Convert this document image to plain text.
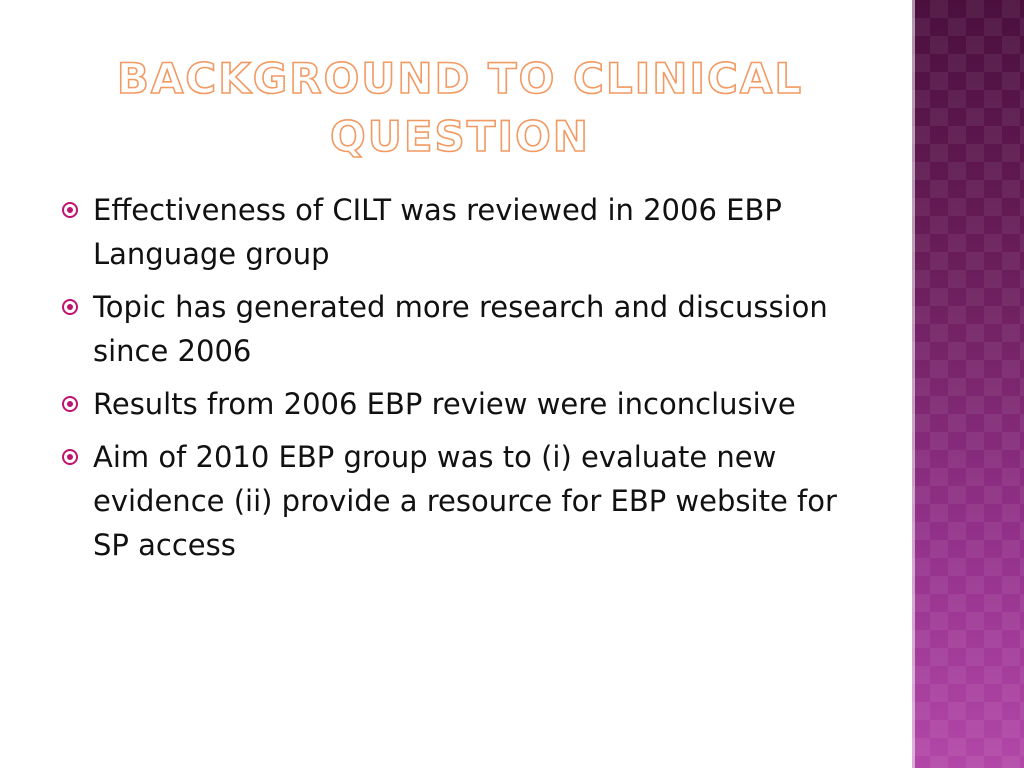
BACKGROUND TO CLINICAL QUESTION
Effectiveness of CILT was reviewed in 2006 EBP Language group
Topic has generated more research and discussion since 2006
Results from 2006 EBP review were inconclusive
Aim of 2010 EBP group was to (i) evaluate new evidence (ii) provide a resource for EBP website for SP access
